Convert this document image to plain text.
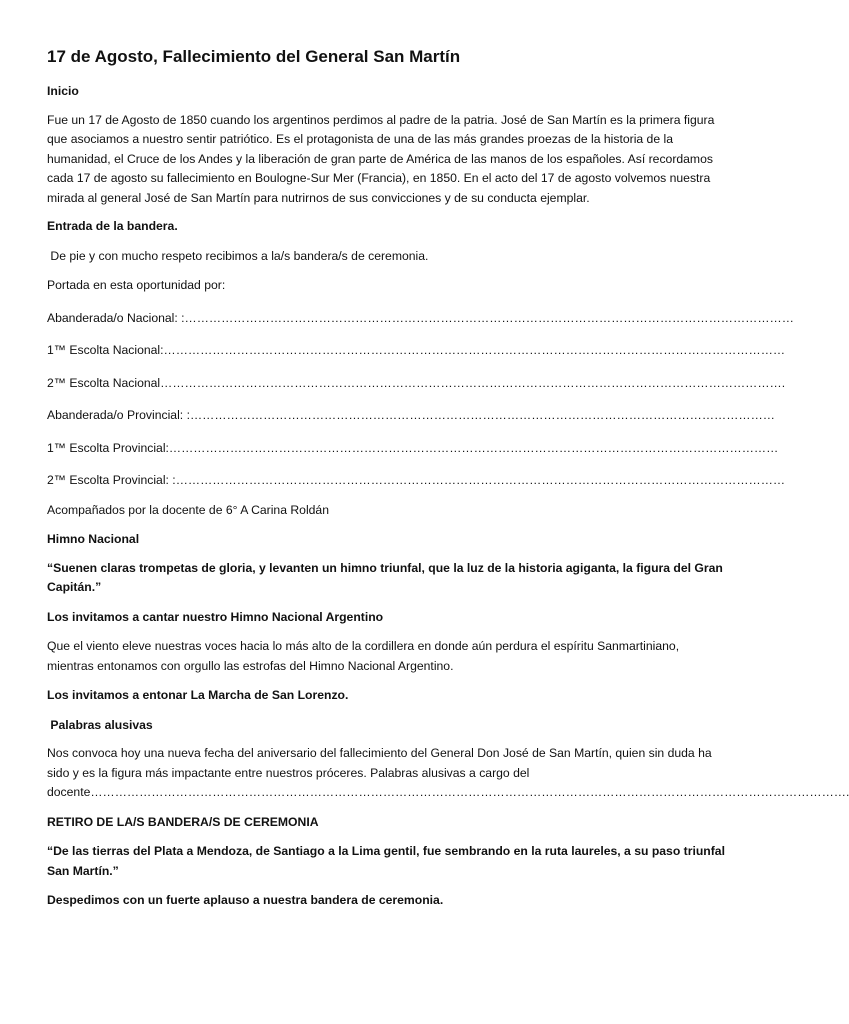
17 de Agosto, Fallecimiento del General San Martín

Inicio

Fue un 17 de Agosto de 1850 cuando los argentinos perdimos al padre de la patria. José de San Martín es la primera figura que asociamos a nuestro sentir patriótico. Es el protagonista de una de las más grandes proezas de la historia de la humanidad, el Cruce de los Andes y la liberación de gran parte de América de las manos de los españoles. Así recordamos cada 17 de agosto su fallecimiento en Boulogne-Sur Mer (Francia), en 1850. En el acto del 17 de agosto volvemos nuestra mirada al general José de San Martín para nutrirnos de sus convicciones y de su conducta ejemplar.

Entrada de la bandera.

De pie y con mucho respeto recibimos a la/s bandera/s de ceremonia.

Portada en esta oportunidad por:

Abanderada/o Nacional: :……………………………………………………………………………………………………………………………………

1™ Escolta Nacional:………………………………………………………………………………………………………………………………………

2™ Escolta Nacional……………………………………………………………………………………………………………………………………….

Abanderada/o Provincial: :………………………………………………………………………………………………………………………………

1™ Escolta Provincial:……………………………………………………………………………………………………………………………………

2™ Escolta Provincial: :……………………………………………………………………………………………………………………………………

Acompañados por la docente de 6° A Carina Roldán

Himno Nacional

“Suenen claras trompetas de gloria, y levanten un himno triunfal, que la luz de la historia agiganta, la figura del Gran Capitán.”

Los invitamos a cantar nuestro Himno Nacional Argentino

Que el viento eleve nuestras voces hacia lo más alto de la cordillera en donde aún perdura el espíritu Sanmartiniano, mientras entonamos con orgullo las estrofas del Himno Nacional Argentino.

Los invitamos a entonar La Marcha de San Lorenzo.

Palabras alusivas

Nos convoca hoy una nueva fecha del aniversario del fallecimiento del General Don José de San Martín, quien sin duda ha sido y es la figura más impactante entre nuestros próceres. Palabras alusivas a cargo del docente…………………………………………………………………………………………………………………………………………………………………….

RETIRO DE LA/S BANDERA/S DE CEREMONIA

“De las tierras del Plata a Mendoza, de Santiago a la Lima gentil, fue sembrando en la ruta laureles, a su paso triunfal San Martín.”

Despedimos con un fuerte aplauso a nuestra bandera de ceremonia.
